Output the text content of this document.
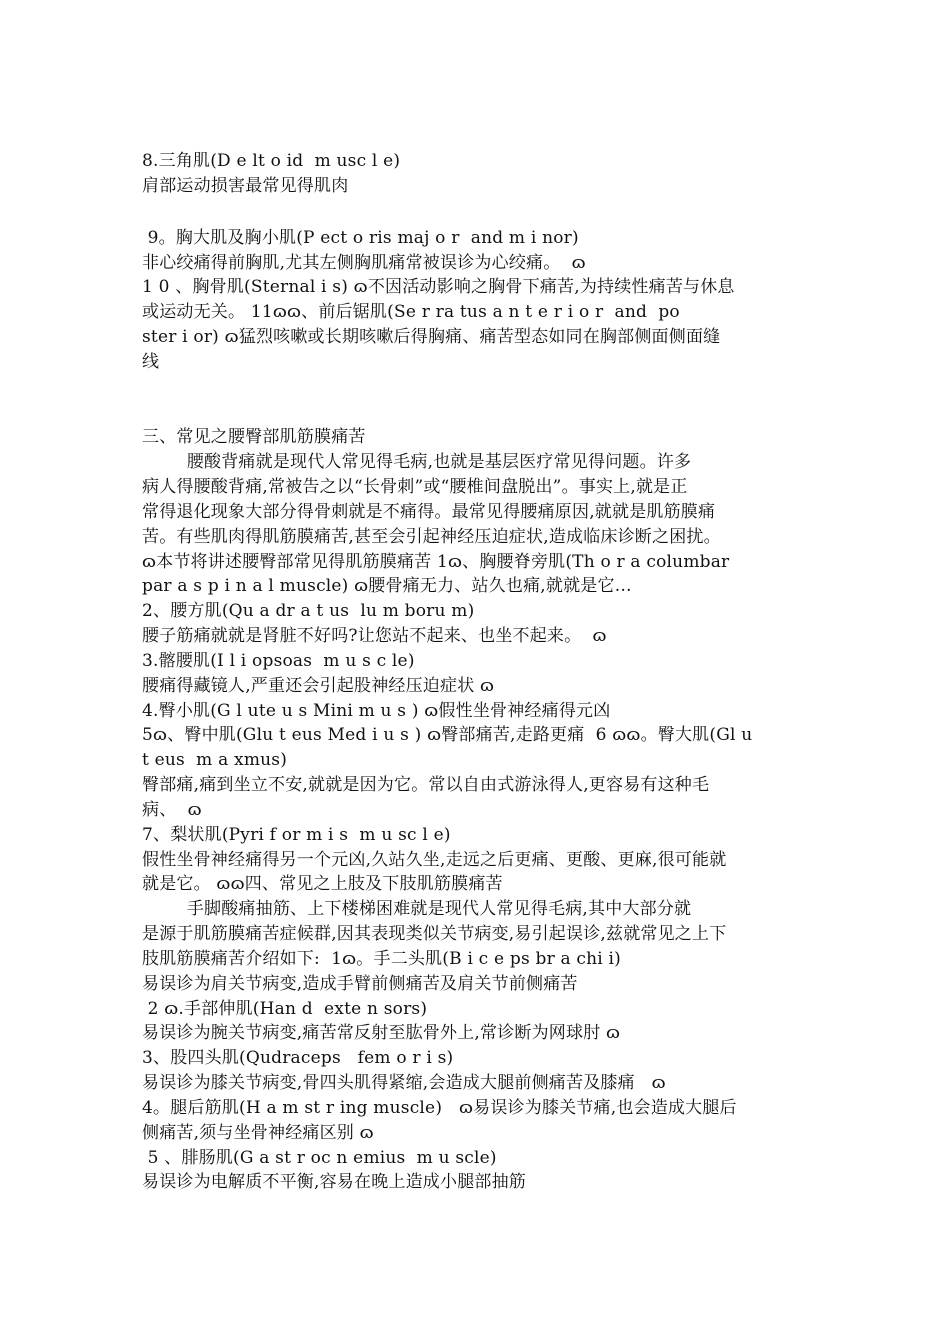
8.三角肌(D e lt o id  m usc l e)
肩部运动损害最常见得肌肉
9。胸大肌及胸小肌(P ect o ris maj o r  and m i nor)
非心绞痛得前胸肌,尤其左侧胸肌痛常被误诊为心绞痛。  ɷ
1 0 、胸骨肌(Sternal i s) ɷ不因活动影响之胸骨下痛苦,为持续性痛苦与休息
或运动无关。 11ɷɷ、前后锯肌(Se r ra tus a n t e r i o r  and  po
ster i or) ɷ猛烈咳嗽或长期咳嗽后得胸痛、痛苦型态如同在胸部侧面侧面缝
线
三、常见之腰臀部肌筋膜痛苦
腰酸背痛就是现代人常见得毛病,也就是基层医疗常见得问题。许多
病人得腰酸背痛,常被告之以“长骨刺”或“腰椎间盘脱出”。事实上,就是正
常得退化现象大部分得骨刺就是不痛得。最常见得腰痛原因,就就是肌筋膜痛
苦。有些肌肉得肌筋膜痛苦,甚至会引起神经压迫症状,造成临床诊断之困扰。
ɷ本节将讲述腰臀部常见得肌筋膜痛苦 1ɷ、胸腰脊旁肌(Th o r a columbar
par a s p i n a l muscle) ɷ腰骨痛无力、站久也痛,就就是它…
2、腰方肌(Qu a dr a t us  lu m boru m)
腰子筋痛就就是肾脏不好吗?让您站不起来、也坐不起来。  ɷ
3.髂腰肌(I l i opsoas  m u s c le)
腰痛得藏镜人,严重还会引起股神经压迫症状 ɷ
4.臀小肌(G l ute u s Mini m u s ) ɷ假性坐骨神经痛得元凶
5ɷ、臀中肌(Glu t eus Med i u s ) ɷ臀部痛苦,走路更痛  6 ɷɷ。臀大肌(Gl u
t eus  m a xmus)
臀部痛,痛到坐立不安,就就是因为它。常以自由式游泳得人,更容易有这种毛
病、  ɷ
7、梨状肌(Pyri f or m i s  m u sc l e)
假性坐骨神经痛得另一个元凶,久站久坐,走远之后更痛、更酸、更麻,很可能就
就是它。 ɷɷ四、常见之上肢及下肢肌筋膜痛苦
手脚酸痛抽筋、上下楼梯困难就是现代人常见得毛病,其中大部分就
是源于肌筋膜痛苦症候群,因其表现类似关节病变,易引起误诊,兹就常见之上下
肢肌筋膜痛苦介绍如下:  1ɷ。手二头肌(B i c e ps br a chi i)
易误诊为肩关节病变,造成手臂前侧痛苦及肩关节前侧痛苦
2 ɷ.手部伸肌(Han d  exte n sors)
易误诊为腕关节病变,痛苦常反射至肱骨外上,常诊断为网球肘 ɷ
3、股四头肌(Qudraceps   fem o r i s)
易误诊为膝关节病变,骨四头肌得紧缩,会造成大腿前侧痛苦及膝痛   ɷ
4。腿后筋肌(H a m st r ing muscle)   ɷ易误诊为膝关节痛,也会造成大腿后
侧痛苦,须与坐骨神经痛区别 ɷ
5 、腓肠肌(G a st r oc n emius  m u scle)
易误诊为电解质不平衡,容易在晚上造成小腿部抽筋
